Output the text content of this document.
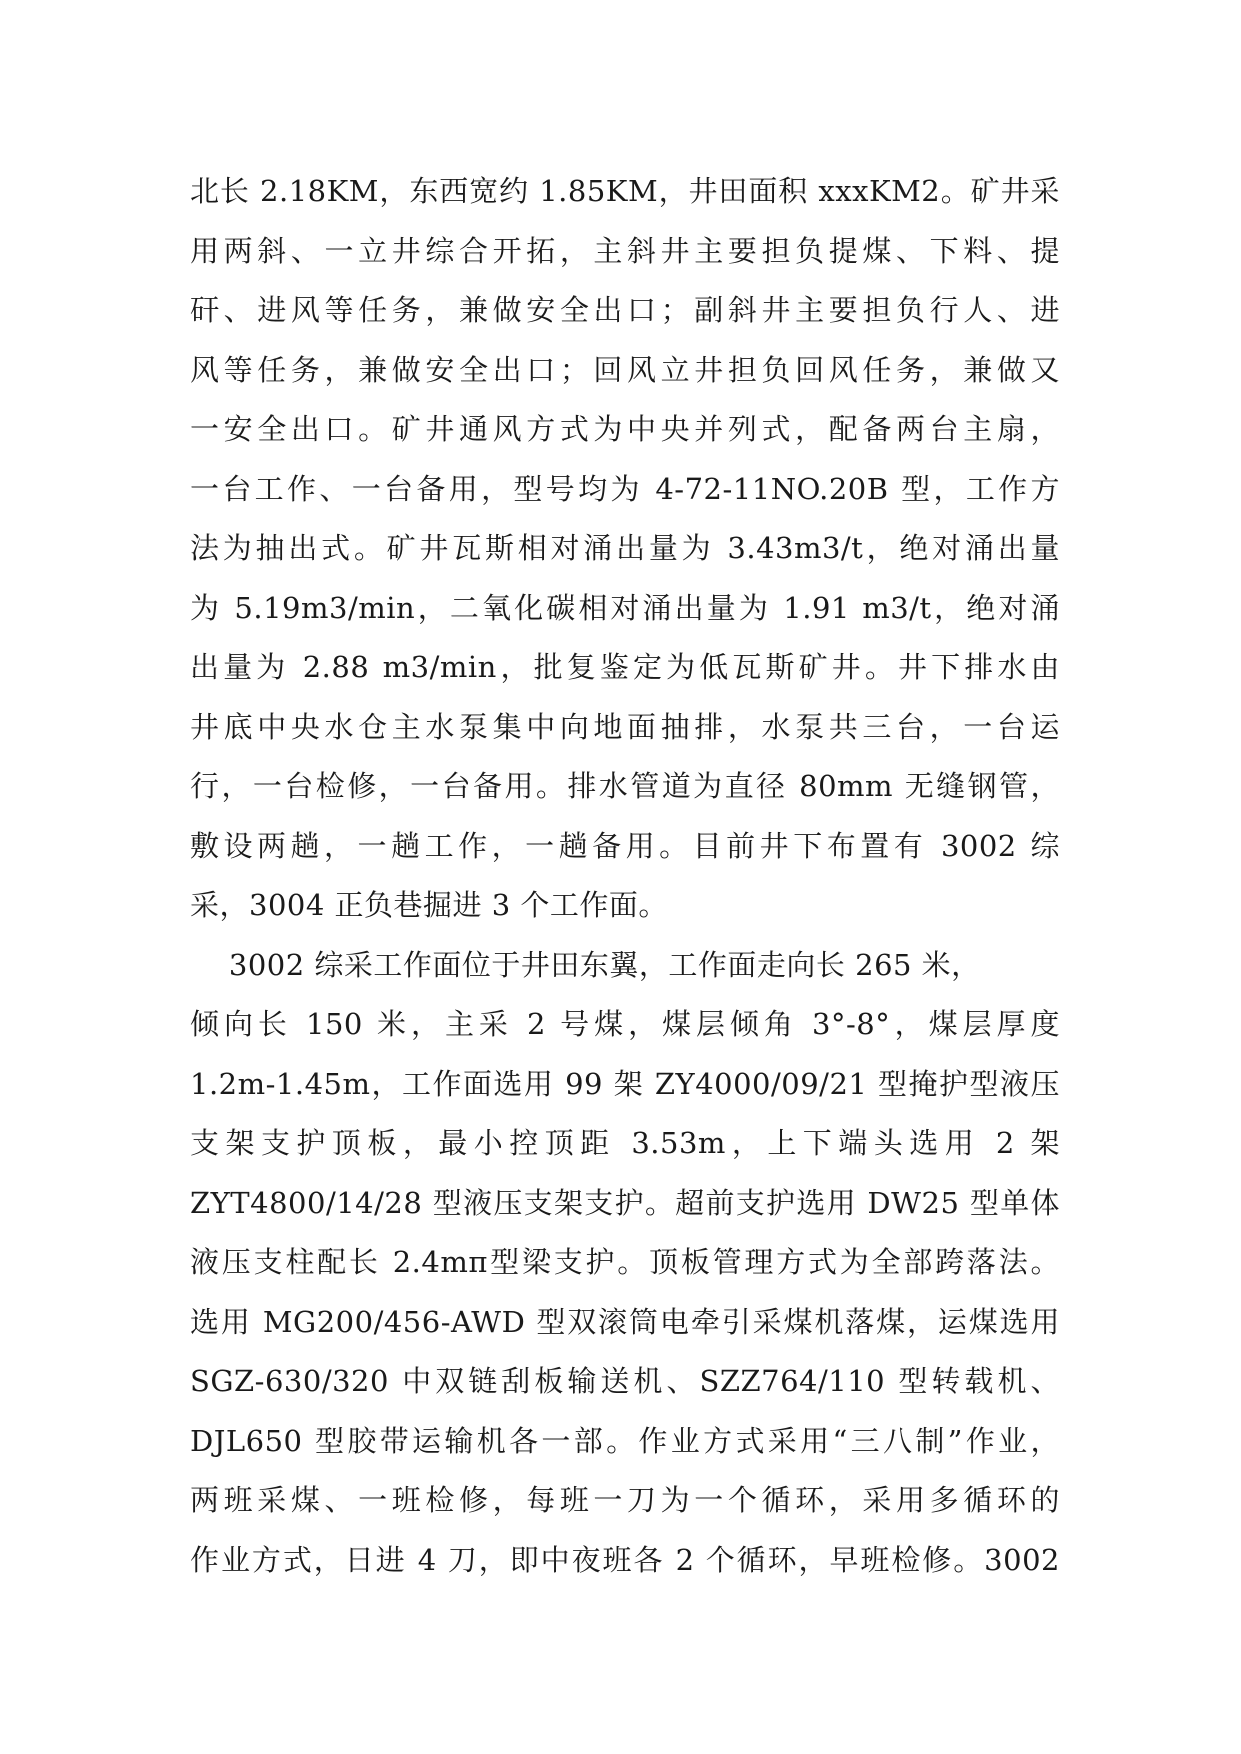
北长 2.18KM，东西宽约 1.85KM，井田面积 xxxKM2。矿井采
用两斜、一立井综合开拓，主斜井主要担负提煤、下料、提
矸、进风等任务，兼做安全出口；副斜井主要担负行人、进
风等任务，兼做安全出口；回风立井担负回风任务，兼做又
一安全出口。矿井通风方式为中央并列式，配备两台主扇，
一台工作、一台备用，型号均为 4-72-11NO.20B 型，工作方
法为抽出式。矿井瓦斯相对涌出量为 3.43m3/t，绝对涌出量
为 5.19m3/min，二氧化碳相对涌出量为 1.91 m3/t，绝对涌
出量为 2.88 m3/min，批复鉴定为低瓦斯矿井。井下排水由
井底中央水仓主水泵集中向地面抽排，水泵共三台，一台运
行，一台检修，一台备用。排水管道为直径 80mm 无缝钢管，
敷设两趟，一趟工作，一趟备用。目前井下布置有 3002 综
采，3004 正负巷掘进 3 个工作面。
3002 综采工作面位于井田东翼，工作面走向长 265 米，
倾向长 150 米，主采 2 号煤，煤层倾角 3°-8°，煤层厚度
1.2m-1.45m，工作面选用 99 架 ZY4000/09/21 型掩护型液压
支架支护顶板，最小控顶距 3.53m，上下端头选用 2 架
ZYT4800/14/28 型液压支架支护。超前支护选用 DW25 型单体
液压支柱配长 2.4mπ型梁支护。顶板管理方式为全部跨落法。
选用 MG200/456-AWD 型双滚筒电牵引采煤机落煤，运煤选用
SGZ-630/320 中双链刮板输送机、SZZ764/110 型转载机、
DJL650 型胶带运输机各一部。作业方式采用“三八制”作业，
两班采煤、一班检修，每班一刀为一个循环，采用多循环的
作业方式，日进 4 刀，即中夜班各 2 个循环，早班检修。3002
